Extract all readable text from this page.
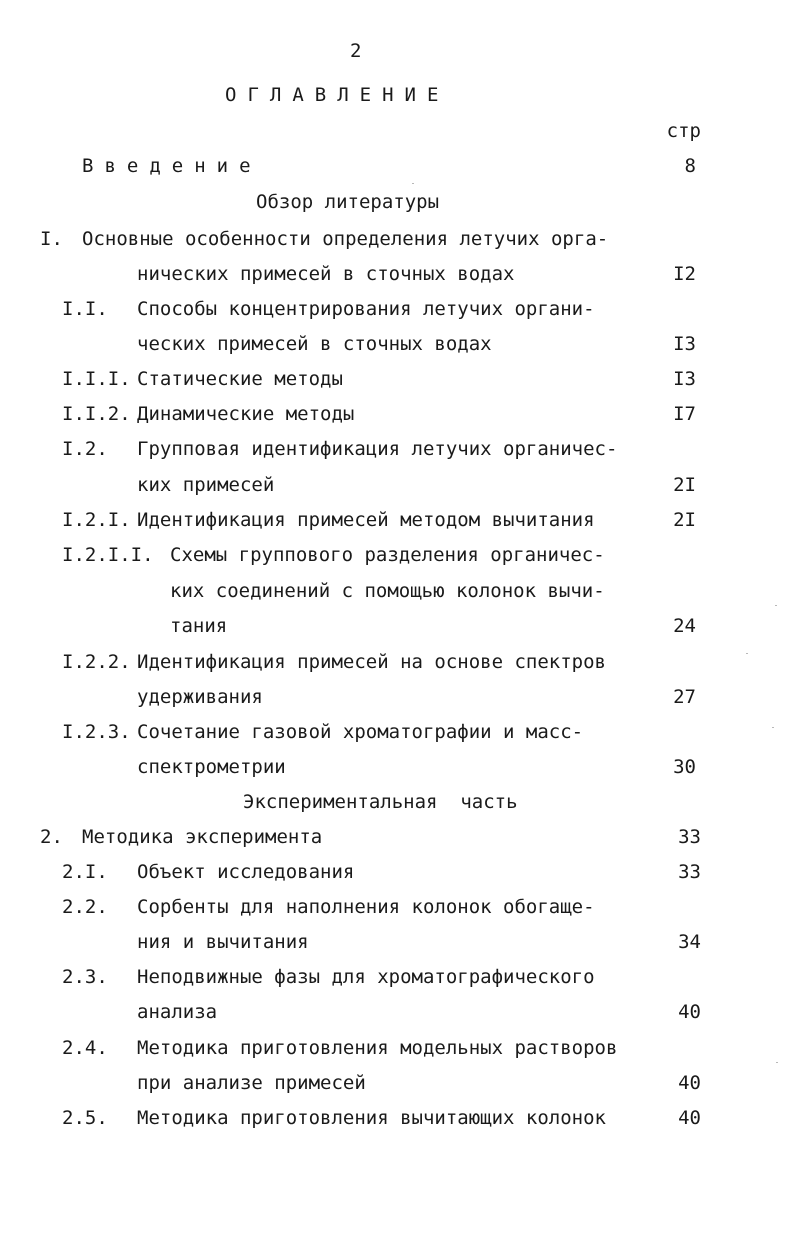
2
ОГЛАВЛЕНИЕ
стр
Введение	8
Обзор литературы
I. Основные особенности определения летучих орга-
нических примесей в сточных водах	I2
I.I. Способы концентрирования летучих органи-
ческих примесей в сточных водах	I3
I.I.I. Статические методы	I3
I.I.2. Динамические методы	I7
I.2. Групповая идентификация летучих органичес-
ких примесей	2I
I.2.I. Идентификация примесей методом вычитания	2I
I.2.I.I. Схемы группового разделения органичес-
ких соединений с помощью колонок вычи-
тания	24
I.2.2. Идентификация примесей на основе спектров
удерживания	27
I.2.3. Сочетание газовой хроматографии и масс-
спектрометрии	30
Экспериментальная  часть
2. Методика эксперимента	33
2.I. Объект исследования	33
2.2. Сорбенты для наполнения колонок обогаще-
ния и вычитания	34
2.3. Неподвижные фазы для хроматографического
анализа	40
2.4. Методика приготовления модельных растворов
при анализе примесей	40
2.5. Методика приготовления вычитающих колонок	40
